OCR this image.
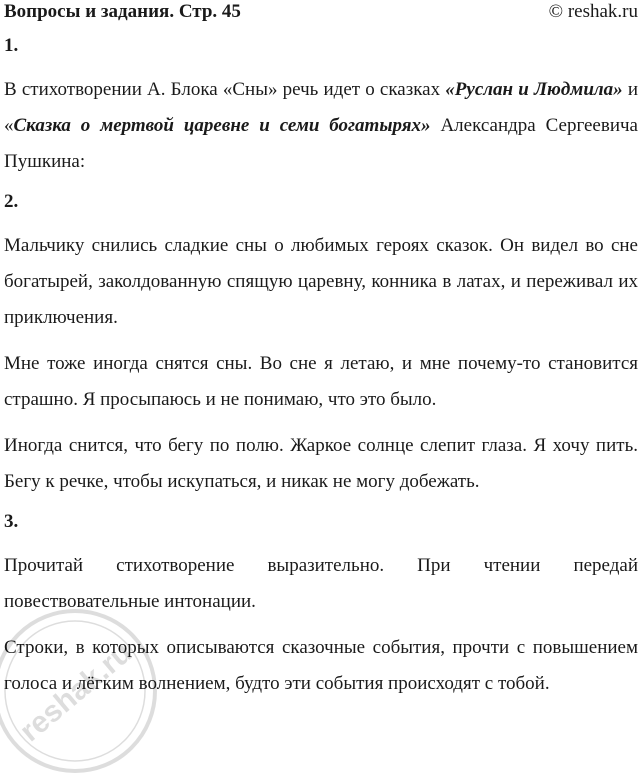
Вопросы и задания. Стр. 45	© reshak.ru
1.

В стихотворении А. Блока «Сны» речь идет о сказках «Руслан и Людмила» и «Сказка о мертвой царевне и семи богатырях» Александра Сергеевича Пушкина:

2.

Мальчику снились сладкие сны о любимых героях сказок. Он видел во сне богатырей, заколдованную спящую царевну, конника в латах, и переживал их приключения.

Мне тоже иногда снятся сны. Во сне я летаю, и мне почему-то становится страшно. Я просыпаюсь и не понимаю, что это было.

Иногда снится, что бегу по полю. Жаркое солнце слепит глаза. Я хочу пить. Бегу к речке, чтобы искупаться, и никак не могу добежать.

3.

Прочитай стихотворение выразительно. При чтении передай повествовательные интонации.

Строки, в которых описываются сказочные события, прочти с повышением голоса и лёгким волнением, будто эти события происходят с тобой.

reshak.ru
